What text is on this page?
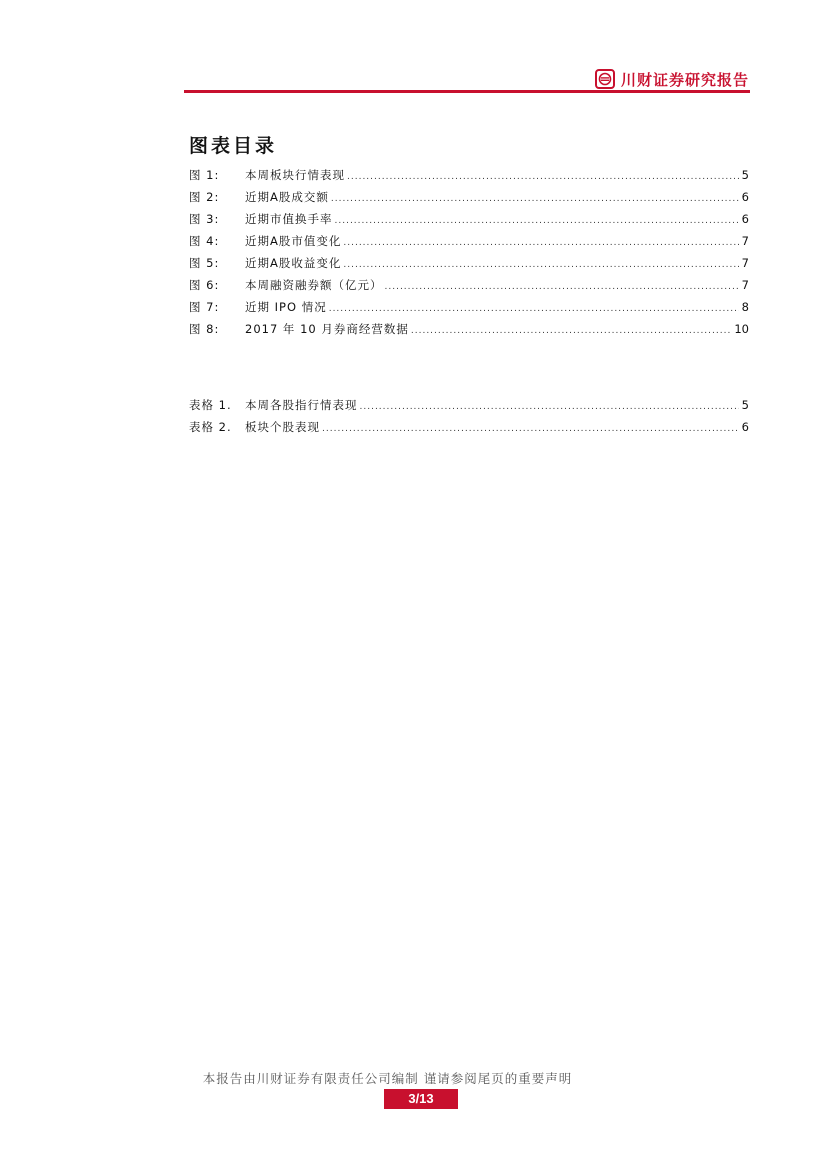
川财证券研究报告
图表目录
图 1:	本周板块行情表现 .....	5
图 2:	近期A股成交额 .....	6
图 3:	近期市值换手率 .....	6
图 4:	近期A股市值变化 .....	7
图 5:	近期A股收益变化 .....	7
图 6:	本周融资融券额（亿元） .....	7
图 7:	近期 IPO 情况 .....	8
图 8:	2017 年 10 月券商经营数据 .....	10
表格 1.	本周各股指行情表现 .....	5
表格 2.	板块个股表现 .....	6
本报告由川财证券有限责任公司编制 谨请参阅尾页的重要声明
3/13
